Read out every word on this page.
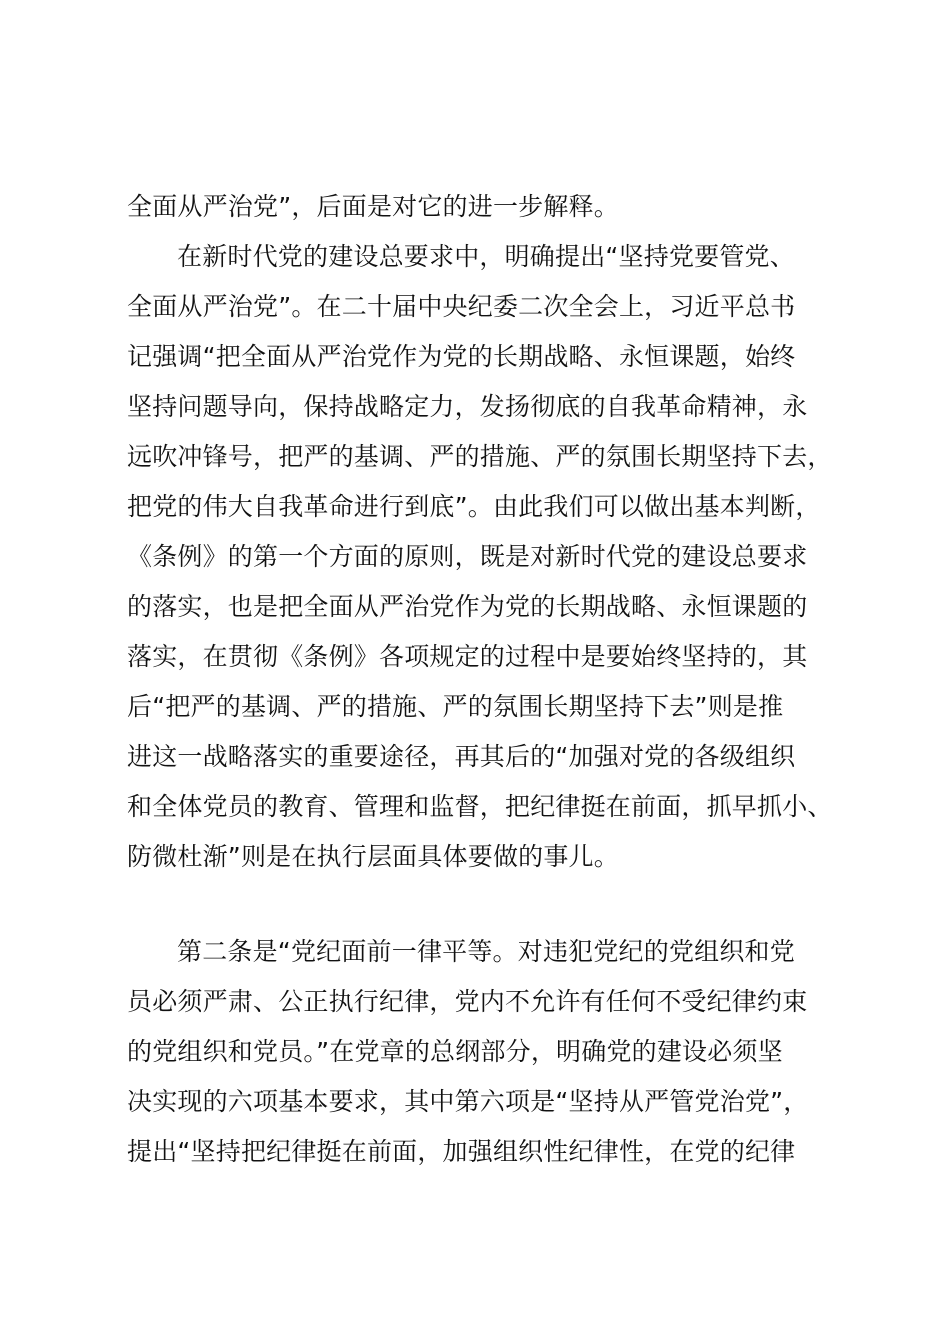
全面从严治党”，后面是对它的进一步解释。
在新时代党的建设总要求中，明确提出“坚持党要管党、
全面从严治党”。在二十届中央纪委二次全会上，习近平总书
记强调“把全面从严治党作为党的长期战略、永恒课题，始终
坚持问题导向，保持战略定力，发扬彻底的自我革命精神，永
远吹冲锋号，把严的基调、严的措施、严的氛围长期坚持下去，
把党的伟大自我革命进行到底”。由此我们可以做出基本判断，
《条例》的第一个方面的原则，既是对新时代党的建设总要求
的落实，也是把全面从严治党作为党的长期战略、永恒课题的
落实，在贯彻《条例》各项规定的过程中是要始终坚持的，其
后“把严的基调、严的措施、严的氛围长期坚持下去”则是推
进这一战略落实的重要途径，再其后的“加强对党的各级组织
和全体党员的教育、管理和监督，把纪律挺在前面，抓早抓小、
防微杜渐”则是在执行层面具体要做的事儿。
第二条是“党纪面前一律平等。对违犯党纪的党组织和党
员必须严肃、公正执行纪律，党内不允许有任何不受纪律约束
的党组织和党员。”在党章的总纲部分，明确党的建设必须坚
决实现的六项基本要求，其中第六项是“坚持从严管党治党”，
提出“坚持把纪律挺在前面，加强组织性纪律性，在党的纪律
